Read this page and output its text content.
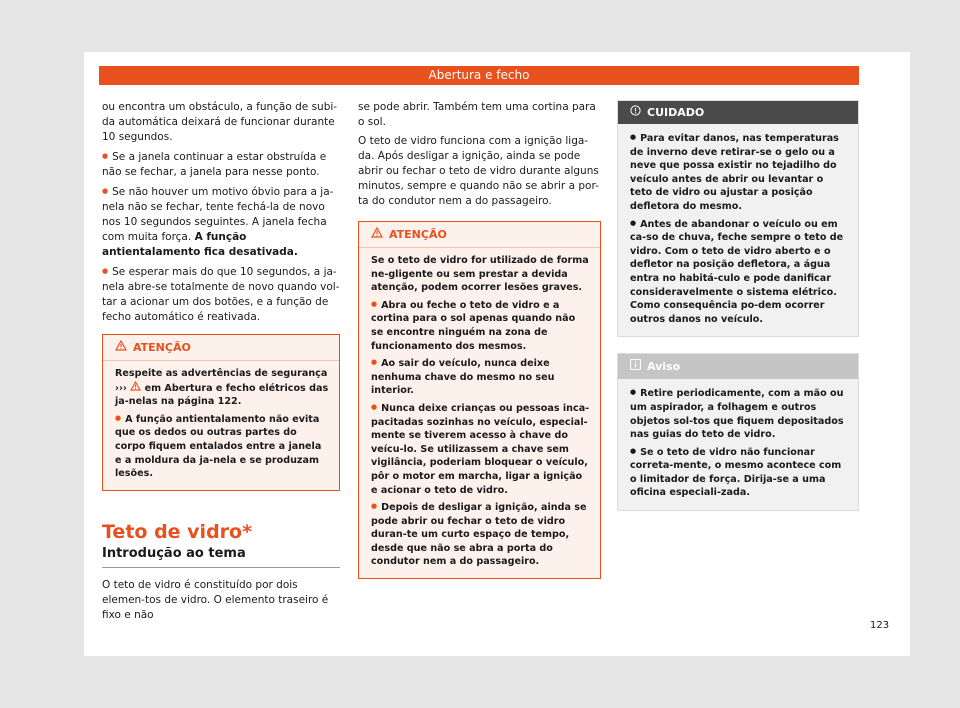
Abertura e fecho

ou encontra um obstáculo, a função de subi-da automática deixará de funcionar durante 10 segundos.

● Se a janela continuar a estar obstruída e não se fechar, a janela para nesse ponto.

● Se não houver um motivo óbvio para a ja-nela não se fechar, tente fechá-la de novo nos 10 segundos seguintes. A janela fecha com muita força. A função antientalamento fica desativada.

● Se esperar mais do que 10 segundos, a ja-nela abre-se totalmente de novo quando vol-tar a acionar um dos botões, e a função de fecho automático é reativada.

ATENÇÃO

Respeite as advertências de segurança ››› em Abertura e fecho elétricos das ja-nelas na página 122.

● A função antientalamento não evita que os dedos ou outras partes do corpo fiquem entalados entre a janela e a moldura da ja-nela e se produzam lesões.

Teto de vidro*
Introdução ao tema

O teto de vidro é constituído por dois elemen-tos de vidro. O elemento traseiro é fixo e não

se pode abrir. Também tem uma cortina para o sol.

O teto de vidro funciona com a ignição liga-da. Após desligar a ignição, ainda se pode abrir ou fechar o teto de vidro durante alguns minutos, sempre e quando não se abrir a por-ta do condutor nem a do passageiro.

ATENÇÃO

Se o teto de vidro for utilizado de forma ne-gligente ou sem prestar a devida atenção, podem ocorrer lesões graves.

● Abra ou feche o teto de vidro e a cortina para o sol apenas quando não se encontre ninguém na zona de funcionamento dos mesmos.

● Ao sair do veículo, nunca deixe nenhuma chave do mesmo no seu interior.

● Nunca deixe crianças ou pessoas inca-pacitadas sozinhas no veículo, especial-mente se tiverem acesso à chave do veícu-lo. Se utilizassem a chave sem vigilância, poderiam bloquear o veículo, pôr o motor em marcha, ligar a ignição e acionar o teto de vidro.

● Depois de desligar a ignição, ainda se pode abrir ou fechar o teto de vidro duran-te um curto espaço de tempo, desde que não se abra a porta do condutor nem a do passageiro.

CUIDADO

● Para evitar danos, nas temperaturas de inverno deve retirar-se o gelo ou a neve que possa existir no tejadilho do veículo antes de abrir ou levantar o teto de vidro ou ajustar a posição defletora do mesmo.

● Antes de abandonar o veículo ou em ca-so de chuva, feche sempre o teto de vidro. Com o teto de vidro aberto e o defletor na posição defletora, a água entra no habitá-culo e pode danificar consideravelmente o sistema elétrico. Como consequência po-dem ocorrer outros danos no veículo.

Aviso

● Retire periodicamente, com a mão ou um aspirador, a folhagem e outros objetos sol-tos que fiquem depositados nas guias do teto de vidro.

● Se o teto de vidro não funcionar correta-mente, o mesmo acontece com o limitador de força. Dirija-se a uma oficina especiali-zada.

123
